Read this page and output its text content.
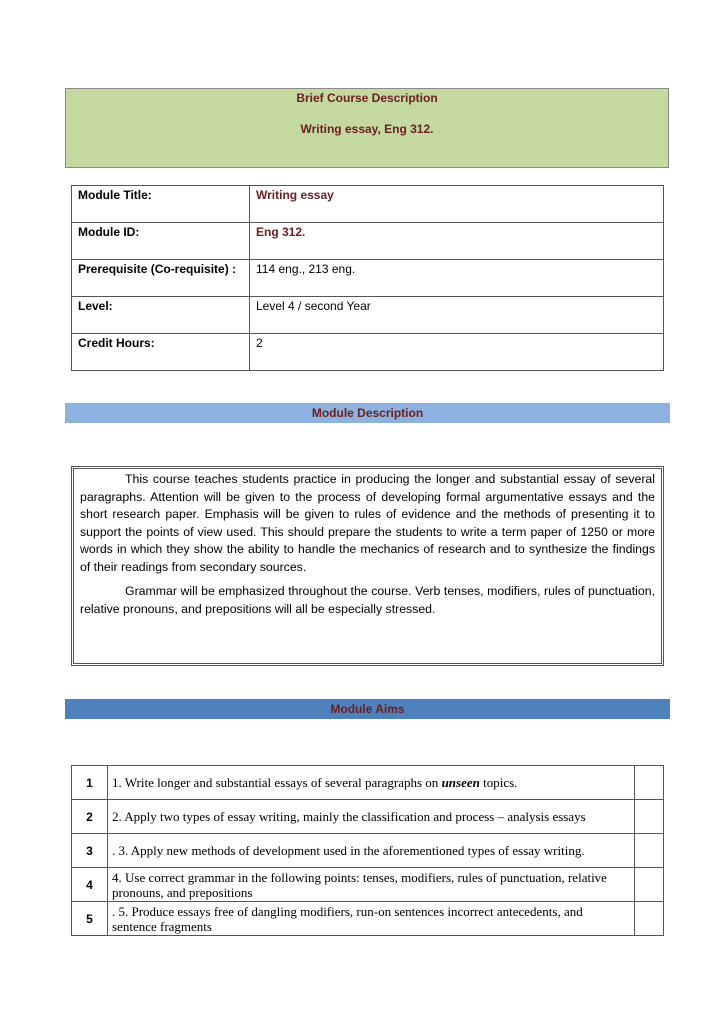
Brief Course Description
Writing essay, Eng 312.
Module Title:	Writing essay
Module ID:	Eng 312.
Prerequisite (Co-requisite) :	114 eng., 213 eng.
Level:	Level 4 / second Year
Credit Hours:	2
Module Description

This course teaches students practice in producing the longer and substantial essay of several paragraphs. Attention will be given to the process of developing formal argumentative essays and the short research paper. Emphasis will be given to rules of evidence and the methods of presenting it to support the points of view used. This should prepare the students to write a term paper of 1250 or more words in which they show the ability to handle the mechanics of research and to synthesize the findings of their readings from secondary sources.

Grammar will be emphasized throughout the course. Verb tenses, modifiers, rules of punctuation, relative pronouns, and prepositions will all be especially stressed.

Module Aims
1	1. Write longer and substantial essays of several paragraphs on unseen topics.	
2	2. Apply two types of essay writing, mainly the classification and process – analysis essays	
3	. 3. Apply new methods of development used in the aforementioned types of essay writing.	
4	4. Use correct grammar in the following points: tenses, modifiers, rules of punctuation, relative pronouns, and prepositions	
5	. 5. Produce essays free of dangling modifiers, run-on sentences incorrect antecedents, and sentence fragments	
